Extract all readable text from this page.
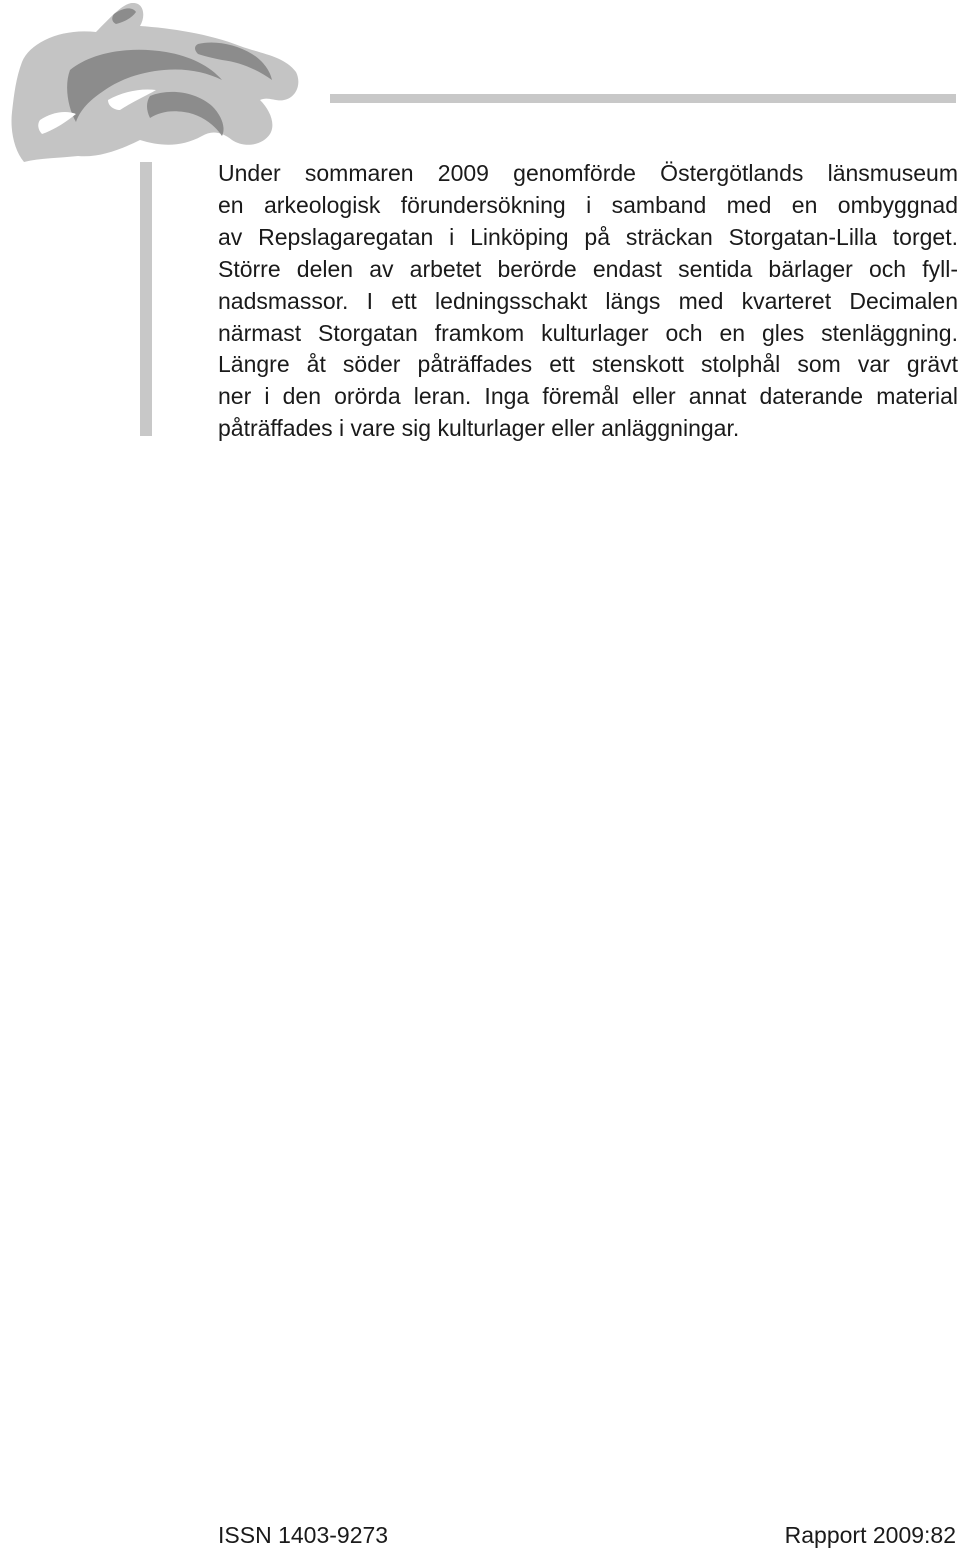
Under sommaren 2009 genomförde Östergötlands länsmuseum
en arkeologisk förundersökning i samband med en ombyggnad
av Repslagaregatan i Linköping på sträckan Storgatan-Lilla torget.
Större delen av arbetet berörde endast sentida bärlager och fyll-
nadsmassor. I ett ledningsschakt längs med kvarteret Decimalen
närmast Storgatan framkom kulturlager och en gles stenläggning.
Längre åt söder påträffades ett stenskott stolphål som var grävt
ner i den orörda leran. Inga föremål eller annat daterande material
påträffades i vare sig kulturlager eller anläggningar.

ISSN 1403-9273	Rapport 2009:82
